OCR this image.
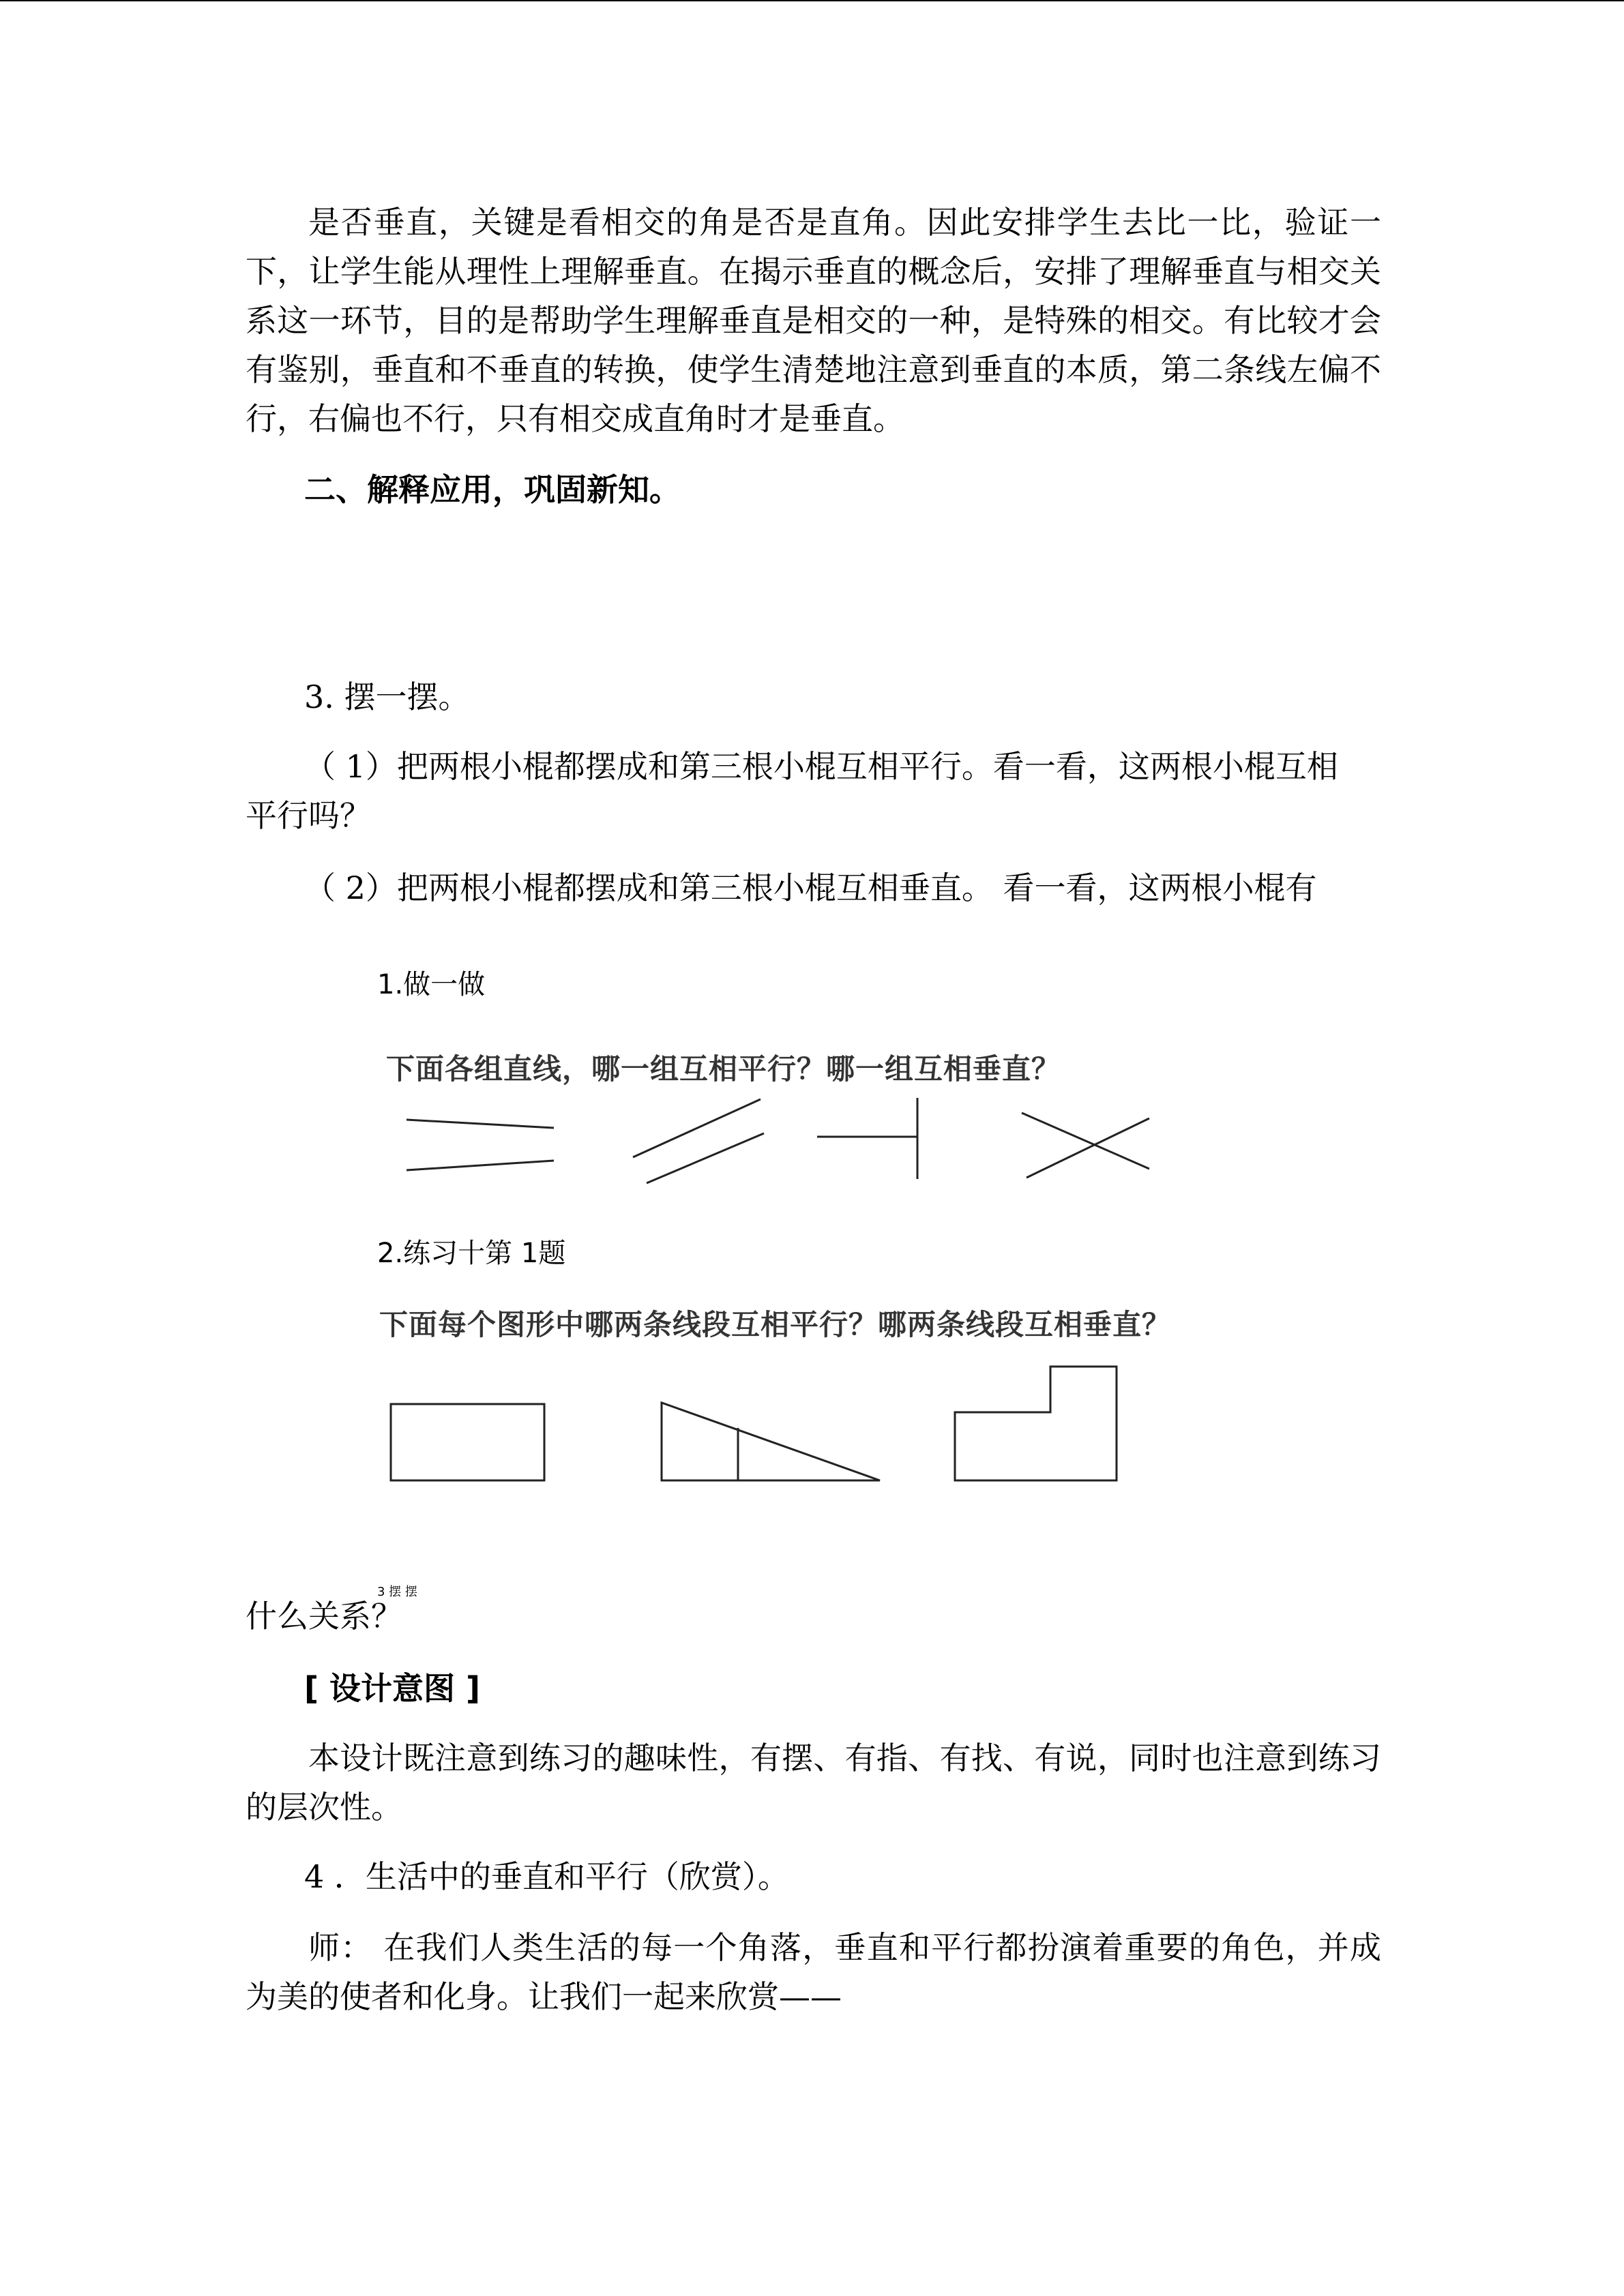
是否垂直，关键是看相交的角是否是直角。因此安排学生去比一比，验证一下，让学生能从理性上理解垂直。在揭示垂直的概念后，安排了理解垂直与相交关系这一环节，目的是帮助学生理解垂直是相交的一种，是特殊的相交。有比较才会有鉴别，垂直和不垂直的转换，使学生清楚地注意到垂直的本质，第二条线左偏不行，右偏也不行，只有相交成直角时才是垂直。

二、解释应用，巩固新知。

3. 摆一摆。

（ 1）把两根小棍都摆成和第三根小棍互相平行。看一看，这两根小棍互相

平行吗？

（ 2）把两根小棍都摆成和第三根小棍互相垂直。 看一看，这两根小棍有

1.做一做
下面各组直线，哪一组互相平行？哪一组互相垂直？
2.练习十第 1题
下面每个图形中哪两条线段互相平行？哪两条线段互相垂直？
3 摆 摆

什么关系？

[ 设计意图 ]

本设计既注意到练习的趣味性，有摆、有指、有找、有说，同时也注意到练习的层次性。

4 ．生活中的垂直和平行（欣赏）。

师： 在我们人类生活的每一个角落，垂直和平行都扮演着重要的角色，并成为美的使者和化身。让我们一起来欣赏——
